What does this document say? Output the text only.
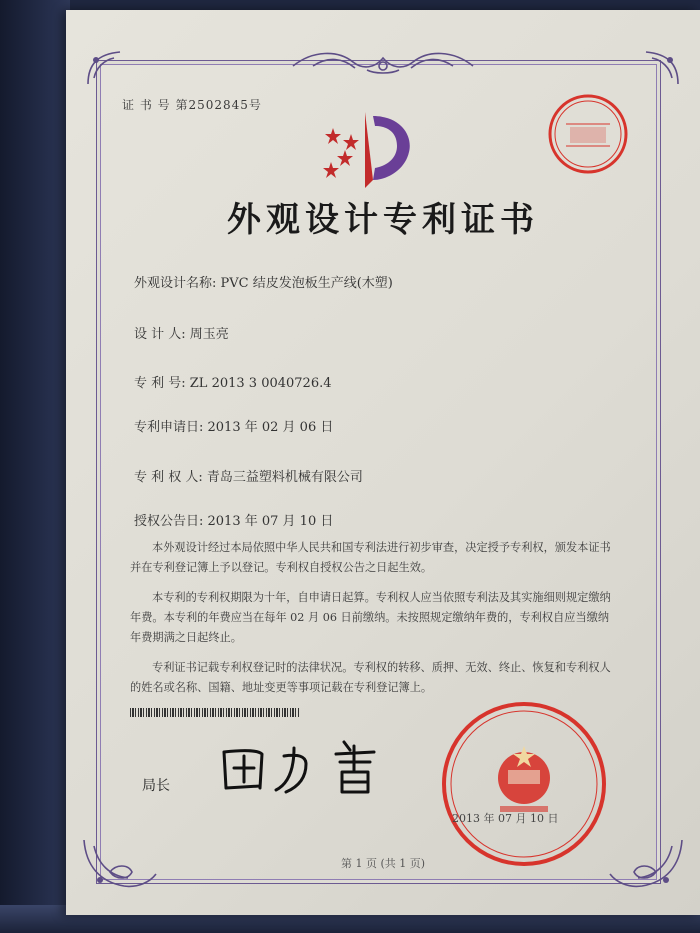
证 书 号 第2502845号
外观设计专利证书
外观设计名称: PVC 结皮发泡板生产线(木塑)
设 计 人: 周玉亮
专 利 号: ZL 2013 3 0040726.4
专利申请日: 2013 年 02 月 06 日
专 利 权 人: 青岛三益塑料机械有限公司
授权公告日: 2013 年 07 月 10 日

本外观设计经过本局依照中华人民共和国专利法进行初步审查，决定授予专利权，颁发本证书并在专利登记簿上予以登记。专利权自授权公告之日起生效。

本专利的专利权期限为十年，自申请日起算。专利权人应当依照专利法及其实施细则规定缴纳年费。本专利的年费应当在每年 02 月 06 日前缴纳。未按照规定缴纳年费的，专利权自应当缴纳年费期满之日起终止。

专利证书记载专利权登记时的法律状况。专利权的转移、质押、无效、终止、恢复和专利权人的姓名或名称、国籍、地址变更等事项记载在专利登记簿上。

局长
2013 年 07 月 10 日
第 1 页 (共 1 页)
